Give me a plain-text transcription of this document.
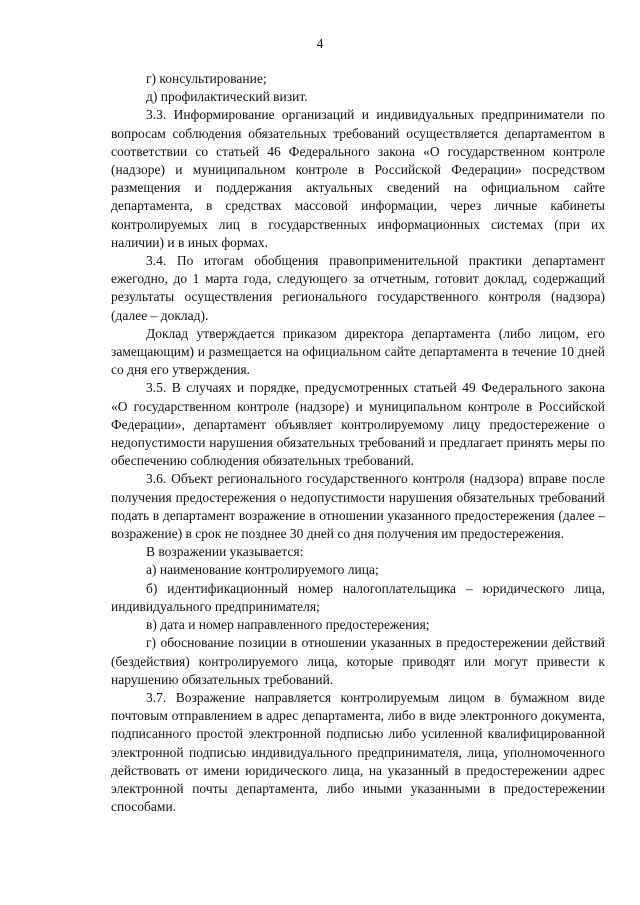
4

г) консультирование;

д) профилактический визит.

3.3. Информирование организаций и индивидуальных предприниматели по вопросам соблюдения обязательных требований осуществляется департаментом в соответствии со статьей 46 Федерального закона «О государственном контроле (надзоре) и муниципальном контроле в Российской Федерации» посредством размещения и поддержания актуальных сведений на официальном сайте департамента, в средствах массовой информации, через личные кабинеты контролируемых лиц в государственных информационных системах (при их наличии) и в иных формах.

3.4. По итогам обобщения правоприменительной практики департамент ежегодно, до 1 марта года, следующего за отчетным, готовит доклад, содержащий результаты осуществления регионального государственного контроля (надзора) (далее – доклад).

Доклад утверждается приказом директора департамента (либо лицом, его замещающим) и размещается на официальном сайте департамента в течение 10 дней со дня его утверждения.

3.5. В случаях и порядке, предусмотренных статьей 49 Федерального закона «О государственном контроле (надзоре) и муниципальном контроле в Российской Федерации», департамент объявляет контролируемому лицу предостережение о недопустимости нарушения обязательных требований и предлагает принять меры по обеспечению соблюдения обязательных требований.

3.6. Объект регионального государственного контроля (надзора) вправе после получения предостережения о недопустимости нарушения обязательных требований подать в департамент возражение в отношении указанного предостережения (далее – возражение) в срок не позднее 30 дней со дня получения им предостережения.

В возражении указывается:

а) наименование контролируемого лица;

б) идентификационный номер налогоплательщика – юридического лица, индивидуального предпринимателя;

в) дата и номер направленного предостережения;

г) обоснование позиции в отношении указанных в предостережении действий (бездействия) контролируемого лица, которые приводят или могут привести к нарушению обязательных требований.

3.7. Возражение направляется контролируемым лицом в бумажном виде почтовым отправлением в адрес департамента, либо в виде электронного документа, подписанного простой электронной подписью либо усиленной квалифицированной электронной подписью индивидуального предпринимателя, лица, уполномоченного действовать от имени юридического лица, на указанный в предостережении адрес электронной почты департамента, либо иными указанными в предостережении способами.
